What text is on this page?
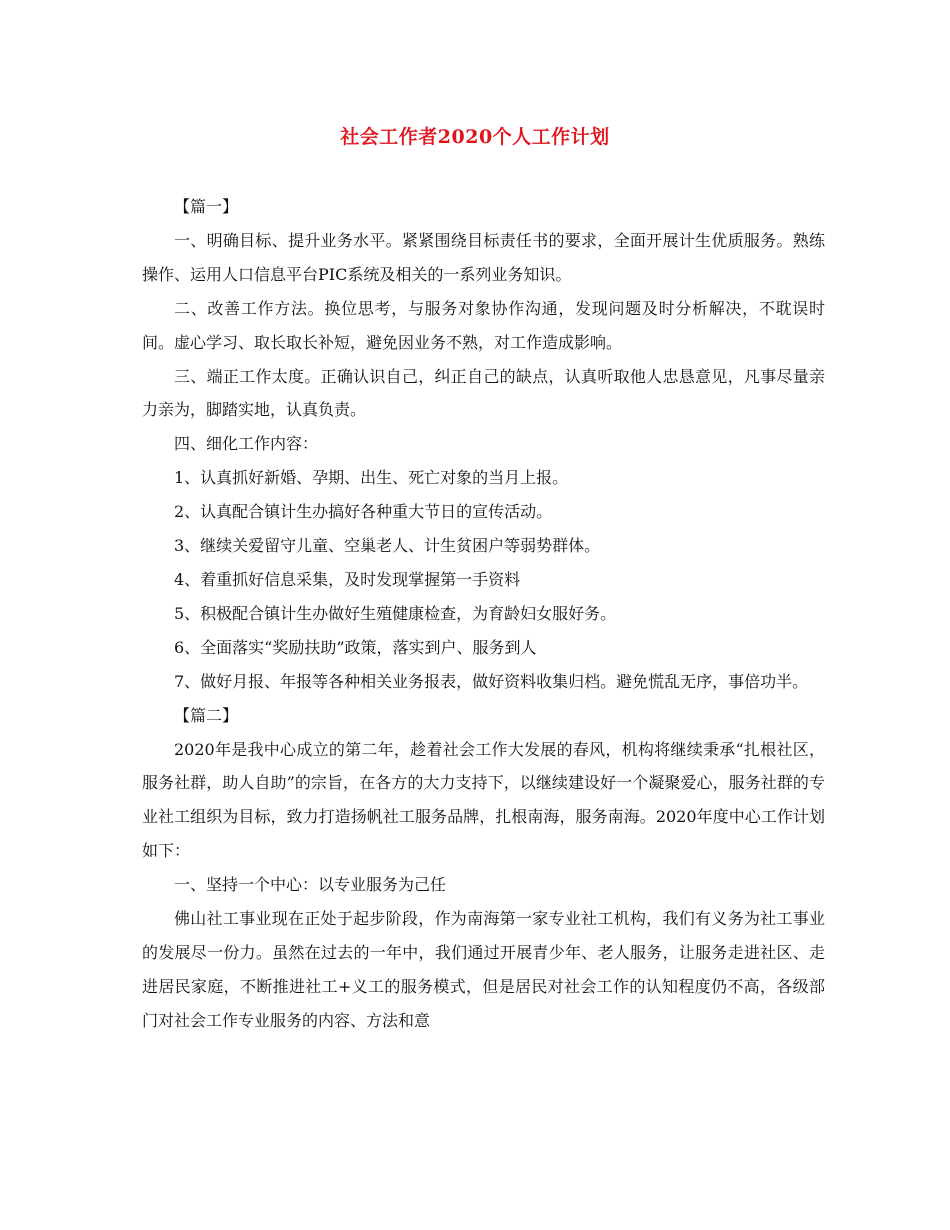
社会工作者2020个人工作计划

【篇一】

一、明确目标、提升业务水平。紧紧围绕目标责任书的要求，全面开展计生优质服务。熟练操作、运用人口信息平台PIC系统及相关的一系列业务知识。

二、改善工作方法。换位思考，与服务对象协作沟通，发现问题及时分析解决，不耽误时间。虚心学习、取长取长补短，避免因业务不熟，对工作造成影响。

三、端正工作太度。正确认识自己，纠正自己的缺点，认真听取他人忠恳意见，凡事尽量亲力亲为，脚踏实地，认真负责。

四、细化工作内容：

1、认真抓好新婚、孕期、出生、死亡对象的当月上报。

2、认真配合镇计生办搞好各种重大节日的宣传活动。

3、继续关爱留守儿童、空巢老人、计生贫困户等弱势群体。

4、着重抓好信息采集，及时发现掌握第一手资料

5、积极配合镇计生办做好生殖健康检查，为育龄妇女服好务。

6、全面落实“奖励扶助”政策，落实到户、服务到人

7、做好月报、年报等各种相关业务报表，做好资料收集归档。避免慌乱无序，事倍功半。

【篇二】

2020年是我中心成立的第二年，趁着社会工作大发展的春风，机构将继续秉承“扎根社区，服务社群，助人自助”的宗旨，在各方的大力支持下，以继续建设好一个凝聚爱心，服务社群的专业社工组织为目标，致力打造扬帆社工服务品牌，扎根南海，服务南海。2020年度中心工作计划如下：

一、坚持一个中心：以专业服务为己任

佛山社工事业现在正处于起步阶段，作为南海第一家专业社工机构，我们有义务为社工事业的发展尽一份力。虽然在过去的一年中，我们通过开展青少年、老人服务，让服务走进社区、走进居民家庭，不断推进社工+义工的服务模式，但是居民对社会工作的认知程度仍不高，各级部门对社会工作专业服务的内容、方法和意
